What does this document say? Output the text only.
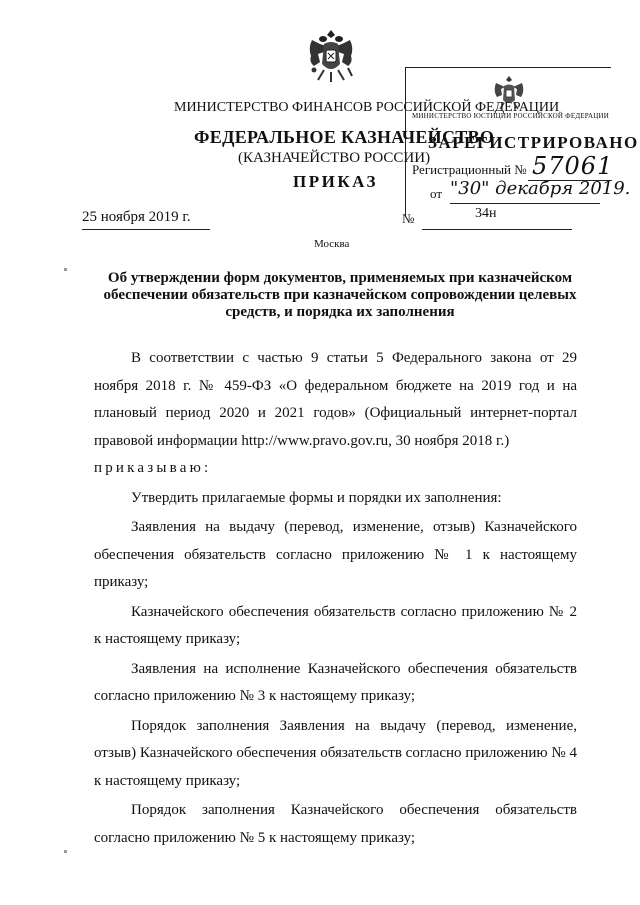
МИНИСТЕРСТВО ЮСТИЦИИ РОССИЙСКОЙ ФЕДЕРАЦИИ
ЗАРЕГИСТРИРОВАНО
Регистрационный № 57061
от "30" декабря 2019.
МИНИСТЕРСТВО ФИНАНСОВ РОССИЙСКОЙ ФЕДЕРАЦИИ
ФЕДЕРАЛЬНОЕ КАЗНАЧЕЙСТВО
(КАЗНАЧЕЙСТВО РОССИИ)
ПРИКАЗ
25 ноября 2019 г.	№	34н
Москва
Об утверждении форм документов, применяемых при казначейском обеспечении обязательств при казначейском сопровождении целевых средств, и порядка их заполнения

В соответствии с частью 9 статьи 5 Федерального закона от 29 ноября 2018 г. № 459-ФЗ «О федеральном бюджете на 2019 год и на плановый период 2020 и 2021 годов» (Официальный интернет-портал правовой информации http://www.pravo.gov.ru, 30 ноября 2018 г.)

приказываю:

Утвердить прилагаемые формы и порядки их заполнения:

Заявления на выдачу (перевод, изменение, отзыв) Казначейского обеспечения обязательств согласно приложению № 1 к настоящему приказу;

Казначейского обеспечения обязательств согласно приложению № 2 к настоящему приказу;

Заявления на исполнение Казначейского обеспечения обязательств согласно приложению № 3 к настоящему приказу;

Порядок заполнения Заявления на выдачу (перевод, изменение, отзыв) Казначейского обеспечения обязательств согласно приложению № 4 к настоящему приказу;

Порядок заполнения Казначейского обеспечения обязательств согласно приложению № 5 к настоящему приказу;
